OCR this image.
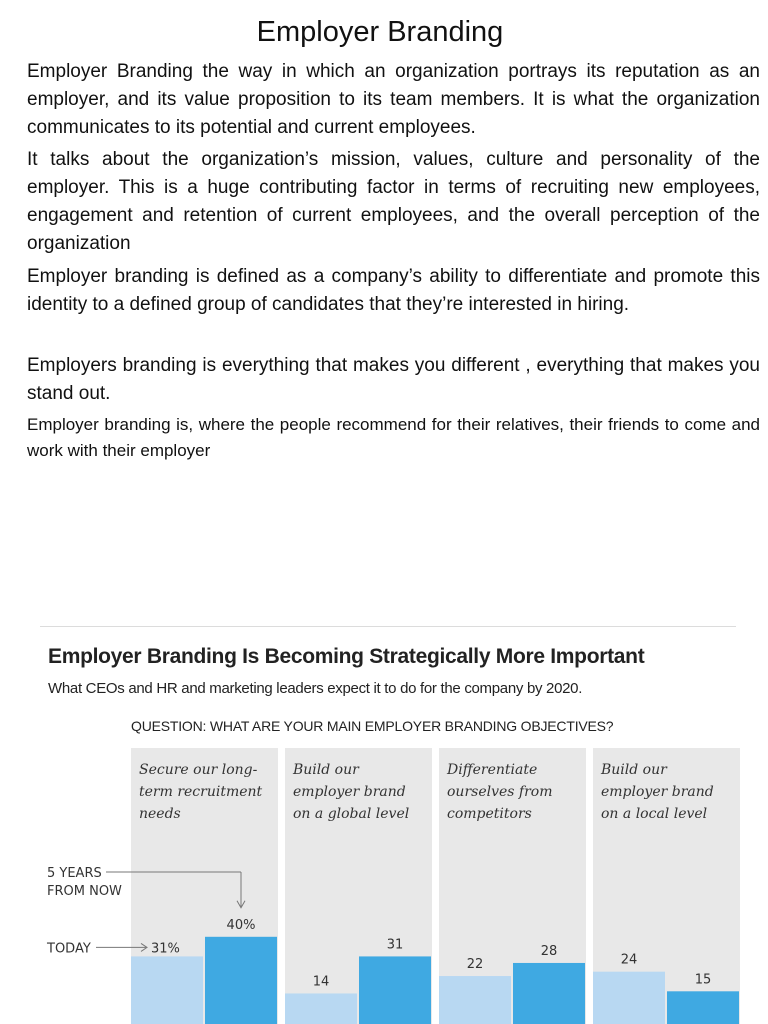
Employer Branding

Employer Branding the way in which an organization portrays its reputation as an employer, and its value proposition to its team members. It is what the organization communicates to its potential and current employees.

It talks about the organization’s mission, values, culture and personality of the employer. This is a huge contributing factor in terms of recruiting new employees, engagement and retention of current employees, and the overall perception of the organization

Employer branding is defined as a company’s ability to differentiate and promote this identity to a defined group of candidates that they’re interested in hiring.

Employers branding is everything that makes you different , everything that makes you stand out.

Employer branding is, where the people recommend for their relatives, their friends to come and work with their employer

Employer Branding Is Becoming Strategically More Important
What CEOs and HR and marketing leaders expect it to do for the company by 2020.
QUESTION: WHAT ARE YOUR MAIN EMPLOYER BRANDING OBJECTIVES?
Secure our long-
term recruitment
needs
Build our
employer brand
on a global level
Differentiate
ourselves from
competitors
Build our
employer brand
on a local level
40%
14
31
22
28
24
15
31%
5 YEARS
FROM NOW
TODAY
